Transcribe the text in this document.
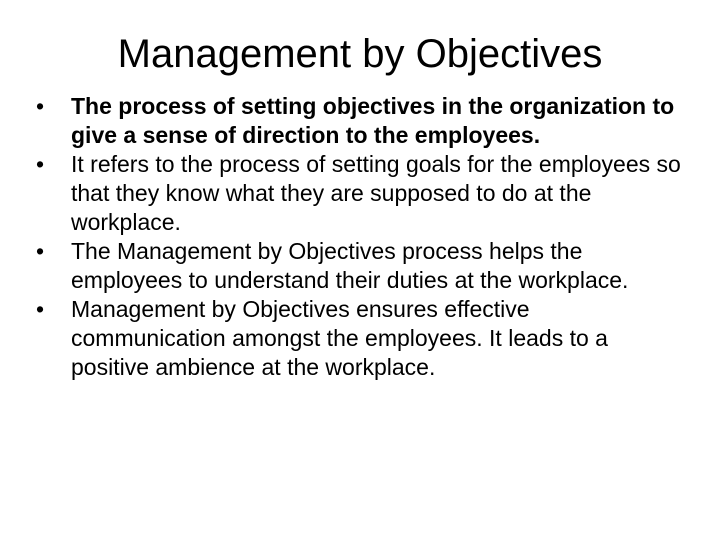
Management by Objectives
•	The process of setting objectives in the organization to give a sense of direction to the employees.
•	It refers to the process of setting goals for the employees so that they know what they are supposed to do at the workplace.
•	The Management by Objectives process helps the employees to understand their duties at the workplace.
•	Management by Objectives ensures effective communication amongst the employees. It leads to a positive ambience at the workplace.
